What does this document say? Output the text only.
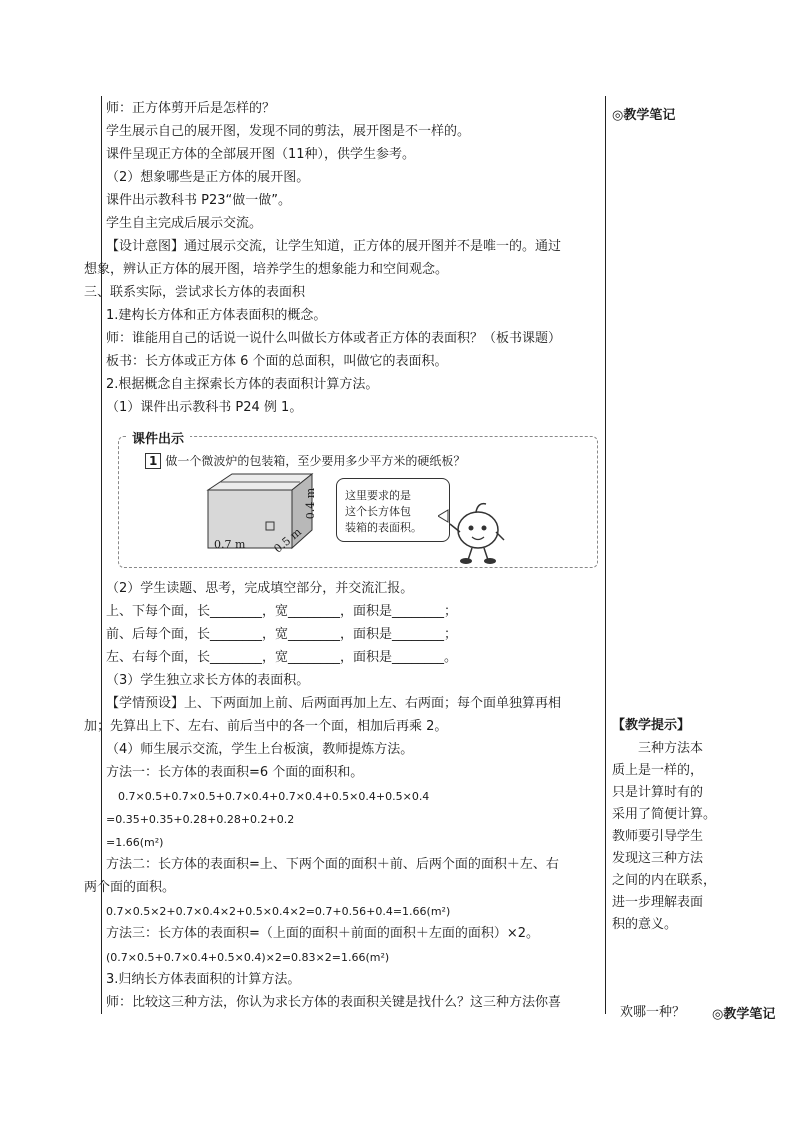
师：正方体剪开后是怎样的？
学生展示自己的展开图，发现不同的剪法，展开图是不一样的。
课件呈现正方体的全部展开图（11种），供学生参考。
（2）想象哪些是正方体的展开图。
课件出示教科书 P23“做一做”。
学生自主完成后展示交流。
【设计意图】通过展示交流，让学生知道，正方体的展开图并不是唯一的。通过
想象，辨认正方体的展开图，培养学生的想象能力和空间观念。
三、联系实际，尝试求长方体的表面积
1.建构长方体和正方体表面积的概念。
师：谁能用自己的话说一说什么叫做长方体或者正方体的表面积？（板书课题）
板书：长方体或正方体 6 个面的总面积，叫做它的表面积。
2.根据概念自主探索长方体的表面积计算方法。
（1）课件出示教科书 P24 例 1。
课件出示
1 做一个微波炉的包装箱，至少要用多少平方米的硬纸板？
0.7 m 0.5 m
0.4 m	这里要求的是
这个长方体包
装箱的表面积。
（2）学生读题、思考，完成填空部分，并交流汇报。
上、下每个面，长________，宽________，面积是________；
前、后每个面，长________，宽________，面积是________；
左、右每个面，长________，宽________，面积是________。
（3）学生独立求长方体的表面积。
【学情预设】上、下两面加上前、后两面再加上左、右两面；每个面单独算再相
加；先算出上下、左右、前后当中的各一个面，相加后再乘 2。
（4）师生展示交流，学生上台板演，教师提炼方法。
方法一：长方体的表面积=6 个面的面积和。
0.7×0.5+0.7×0.5+0.7×0.4+0.7×0.4+0.5×0.4+0.5×0.4
=0.35+0.35+0.28+0.28+0.2+0.2
=1.66(m²)
方法二：长方体的表面积=上、下两个面的面积＋前、后两个面的面积＋左、右
两个面的面积。
0.7×0.5×2+0.7×0.4×2+0.5×0.4×2=0.7+0.56+0.4=1.66(m²)
方法三：长方体的表面积=（上面的面积＋前面的面积＋左面的面积）×2。
(0.7×0.5+0.7×0.4+0.5×0.4)×2=0.83×2=1.66(m²)
3.归纳长方体表面积的计算方法。
师：比较这三种方法，你认为求长方体的表面积关键是找什么？这三种方法你喜
◎教学笔记
【教学提示】
三种方法本
质上是一样的，
只是计算时有的
采用了简便计算。
教师要引导学生
发现这三种方法
之间的内在联系，
进一步理解表面
积的意义。
欢哪一种？ ◎教学笔记
